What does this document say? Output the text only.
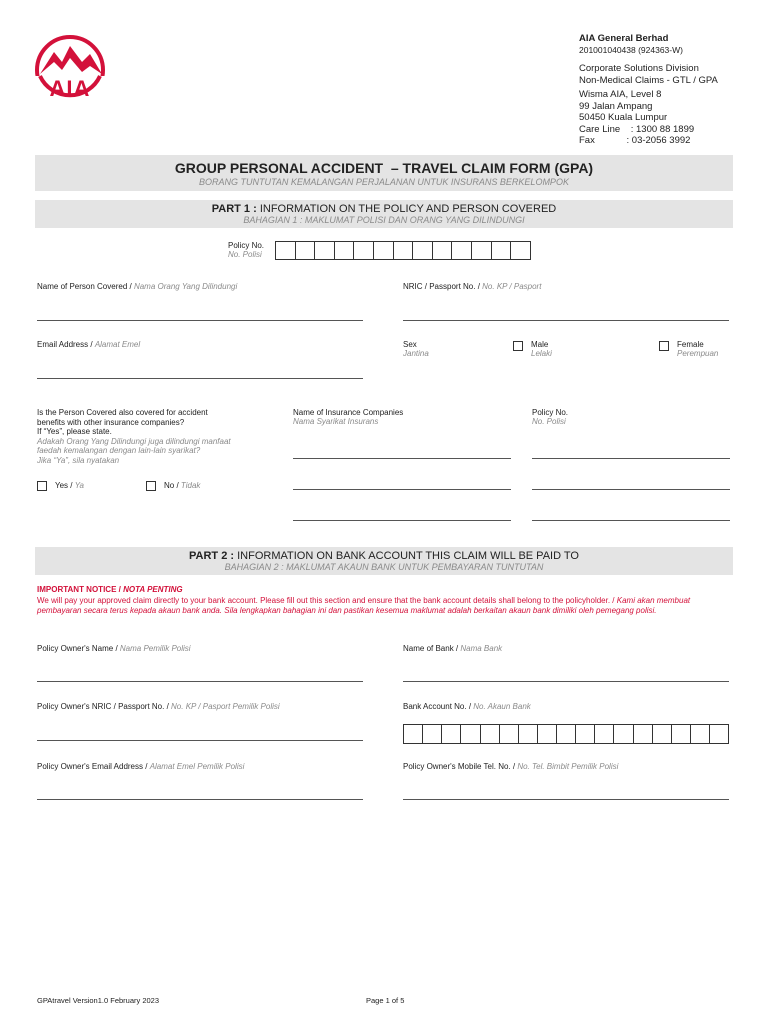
AIA
AIA General Berhad
201001040438 (924363-W)
Corporate Solutions Division
Non-Medical Claims - GTL / GPA
Wisma AIA, Level 8
99 Jalan Ampang
50450 Kuala Lumpur
Care Line    : 1300 88 1899
Fax            : 03-2056 3992
GROUP PERSONAL ACCIDENT  – TRAVEL CLAIM FORM (GPA)
BORANG TUNTUTAN KEMALANGAN PERJALANAN UNTUK INSURANS BERKELOMPOK
PART 1 : INFORMATION ON THE POLICY AND PERSON COVERED
BAHAGIAN 1 : MAKLUMAT POLISI DAN ORANG YANG DILINDUNGI
Policy No.
No. Polisi
Name of Person Covered / Nama Orang Yang Dilindungi	NRIC / Passport No. / No. KP / Pasport
Email Address / Alamat Emel	Sex
Jantina
Male
Lelaki
Female
Perempuan
Is the Person Covered also covered for accident
benefits with other insurance companies?
If “Yes”, please state.
Adakah Orang Yang Dilindungi juga dilindungi manfaat
faedah kemalangan dengan lain-lain syarikat?
Jika “Ya”, sila nyatakan
Yes / Ya	No / Tidak
Name of Insurance Companies
Nama Syarikat Insurans
Policy No.
No. Polisi
PART 2 : INFORMATION ON BANK ACCOUNT THIS CLAIM WILL BE PAID TO
BAHAGIAN 2 : MAKLUMAT AKAUN BANK UNTUK PEMBAYARAN TUNTUTAN
IMPORTANT NOTICE / NOTA PENTING
We will pay your approved claim directly to your bank account. Please fill out this section and ensure that the bank account details shall belong to the policyholder. / Kami akan membuat pembayaran secara terus kepada akaun bank anda. Sila lengkapkan bahagian ini dan pastikan kesemua maklumat adalah berkaitan akaun bank dimiliki oleh pemegang polisi.
Policy Owner's Name / Nama Pemilik Polisi	Name of Bank / Nama Bank
Policy Owner's NRIC / Passport No. / No. KP / Pasport Pemilik Polisi	Bank Account No. / No. Akaun Bank
Policy Owner's Email Address / Alamat Emel Pemilik Polisi	Policy Owner's Mobile Tel. No. / No. Tel. Bimbit Pemilik Polisi
GPAtravel Version1.0 February 2023	Page 1 of 5
